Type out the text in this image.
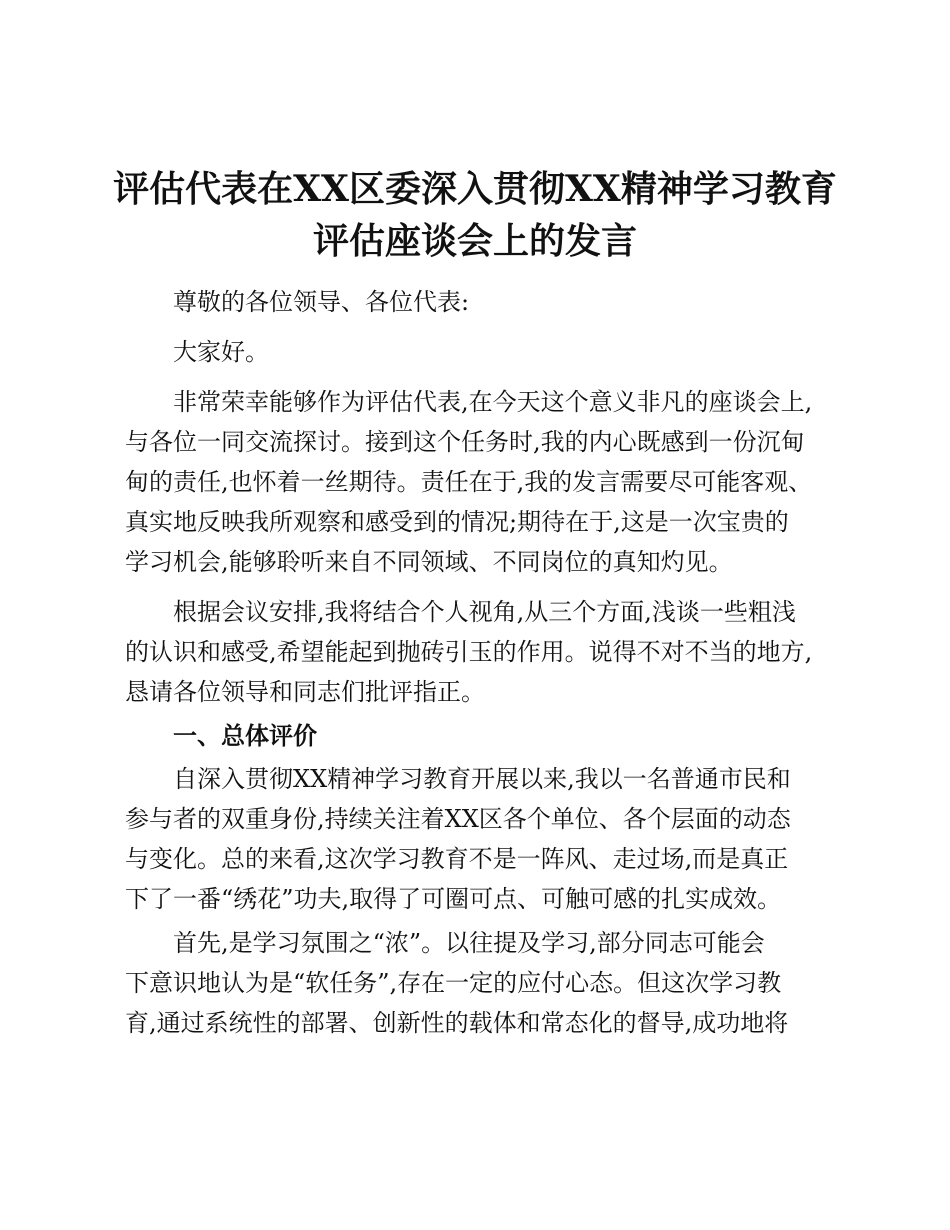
评估代表在XX区委深入贯彻XX精神学习教育
评估座谈会上的发言
尊敬的各位领导、各位代表:
大家好。
非常荣幸能够作为评估代表,在今天这个意义非凡的座谈会上,
与各位一同交流探讨。接到这个任务时,我的内心既感到一份沉甸
甸的责任,也怀着一丝期待。责任在于,我的发言需要尽可能客观、
真实地反映我所观察和感受到的情况;期待在于,这是一次宝贵的
学习机会,能够聆听来自不同领域、不同岗位的真知灼见。
根据会议安排,我将结合个人视角,从三个方面,浅谈一些粗浅
的认识和感受,希望能起到抛砖引玉的作用。说得不对不当的地方,
恳请各位领导和同志们批评指正。
一、总体评价
自深入贯彻XX精神学习教育开展以来,我以一名普通市民和
参与者的双重身份,持续关注着XX区各个单位、各个层面的动态
与变化。总的来看,这次学习教育不是一阵风、走过场,而是真正
下了一番“绣花”功夫,取得了可圈可点、可触可感的扎实成效。
首先,是学习氛围之“浓”。以往提及学习,部分同志可能会
下意识地认为是“软任务”,存在一定的应付心态。但这次学习教
育,通过系统性的部署、创新性的载体和常态化的督导,成功地将
